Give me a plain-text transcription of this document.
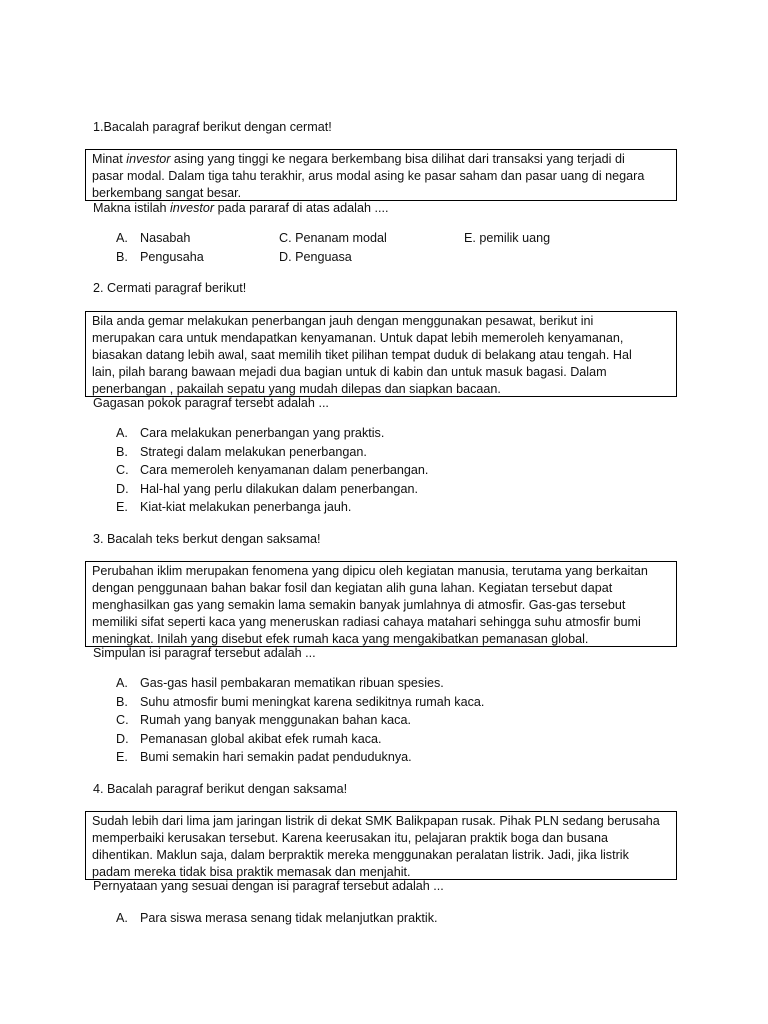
1.Bacalah paragraf berikut dengan cermat!

Minat investor asing yang tinggi ke negara berkembang bisa dilihat dari transaksi yang terjadi di

pasar modal. Dalam tiga tahu terakhir, arus modal asing ke pasar saham dan pasar uang di negara

berkembang sangat besar.

Makna istilah investor pada pararaf di atas adalah ....
A. Nasabah	C. Penanam modal	E. pemilik uang
B. Pengusaha	D. Penguasa
2. Cermati paragraf berikut!

Bila anda gemar melakukan penerbangan jauh dengan menggunakan pesawat, berikut ini

merupakan cara untuk mendapatkan kenyamanan. Untuk dapat lebih memeroleh kenyamanan,

biasakan datang lebih awal, saat memilih tiket pilihan tempat duduk di belakang atau tengah. Hal

lain, pilah barang bawaan mejadi dua bagian untuk di kabin dan untuk masuk bagasi. Dalam

penerbangan , pakailah sepatu yang mudah dilepas dan siapkan bacaan.

Gagasan pokok paragraf tersebt adalah ...
A. Cara melakukan penerbangan yang praktis.
B. Strategi dalam melakukan penerbangan.
C. Cara memeroleh kenyamanan dalam penerbangan.
D. Hal-hal yang perlu dilakukan dalam penerbangan.
E. Kiat-kiat melakukan penerbanga jauh.
3. Bacalah teks berkut dengan saksama!

Perubahan iklim merupakan fenomena yang dipicu oleh kegiatan manusia, terutama yang berkaitan

dengan penggunaan bahan bakar fosil dan kegiatan alih guna lahan. Kegiatan tersebut dapat

menghasilkan gas yang semakin lama semakin banyak jumlahnya di atmosfir. Gas-gas tersebut

memiliki sifat seperti kaca yang meneruskan radiasi cahaya matahari sehingga suhu atmosfir bumi

meningkat. Inilah yang disebut efek rumah kaca yang mengakibatkan pemanasan global.

Simpulan isi paragraf tersebut adalah ...
A. Gas-gas hasil pembakaran mematikan ribuan spesies.
B. Suhu atmosfir bumi meningkat karena sedikitnya rumah kaca.
C. Rumah yang banyak menggunakan bahan kaca.
D. Pemanasan global akibat efek rumah kaca.
E. Bumi semakin hari semakin padat penduduknya.
4. Bacalah paragraf berikut dengan saksama!

Sudah lebih dari lima jam jaringan listrik di dekat SMK Balikpapan rusak. Pihak PLN sedang berusaha

memperbaiki kerusakan tersebut. Karena keerusakan itu, pelajaran praktik boga dan busana

dihentikan. Maklun saja, dalam berpraktik mereka menggunakan peralatan listrik. Jadi, jika listrik

padam mereka tidak bisa praktik memasak dan menjahit.

Pernyataan yang sesuai dengan isi paragraf tersebut adalah ...
A. Para siswa merasa senang tidak melanjutkan praktik.
